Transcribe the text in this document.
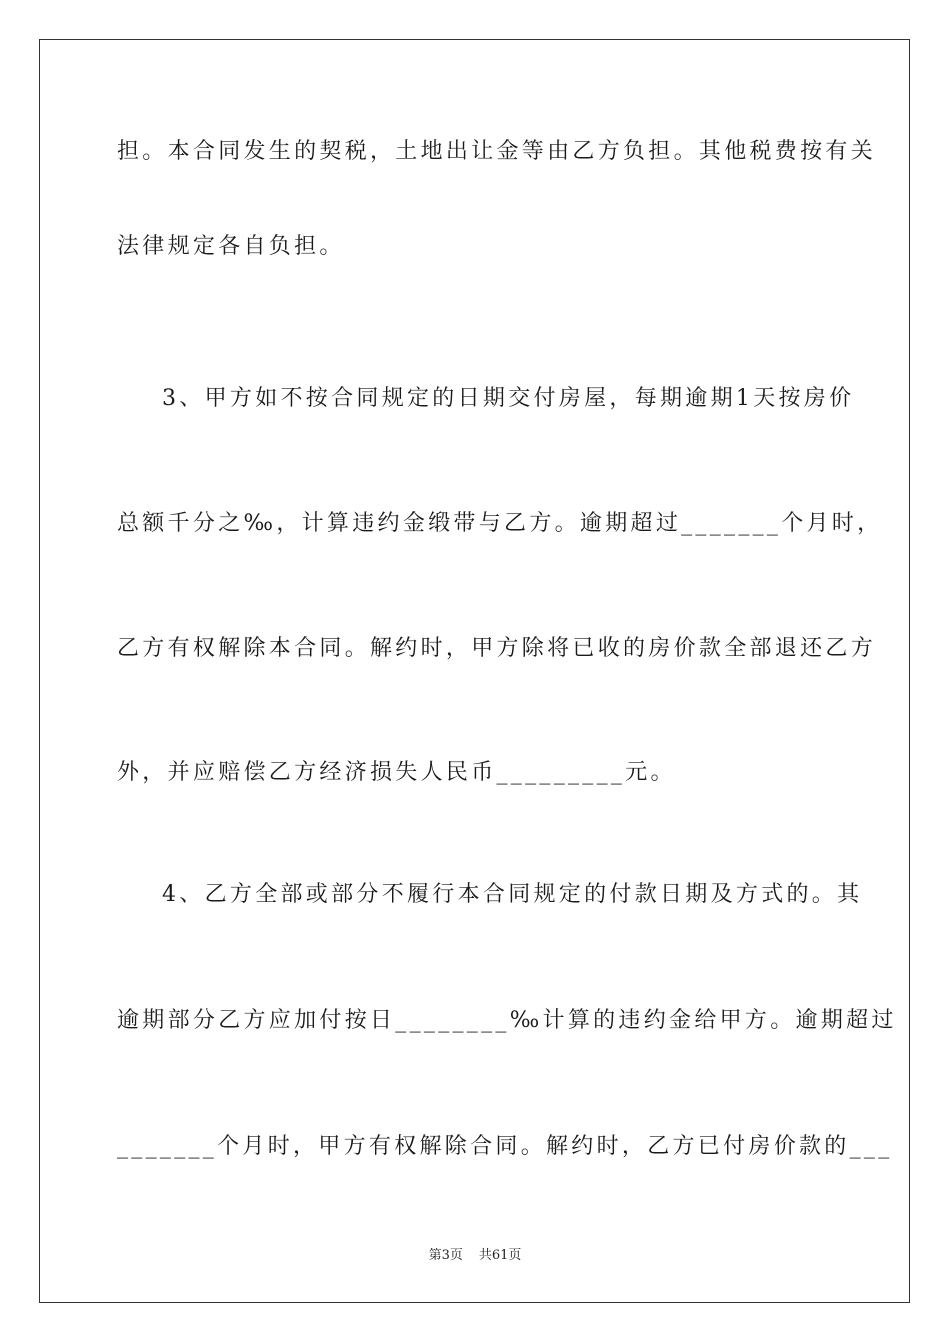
担。本合同发生的契税，土地出让金等由乙方负担。其他税费按有关
法律规定各自负担。
3、甲方如不按合同规定的日期交付房屋，每期逾期1天按房价
总额千分之‰，计算违约金缎带与乙方。逾期超过_______个月时，
乙方有权解除本合同。解约时，甲方除将已收的房价款全部退还乙方
外，并应赔偿乙方经济损失人民币_________元。
4、乙方全部或部分不履行本合同规定的付款日期及方式的。其
逾期部分乙方应加付按日________‰计算的违约金给甲方。逾期超过
_______个月时，甲方有权解除合同。解约时，乙方已付房价款的___
第3页 共61页
